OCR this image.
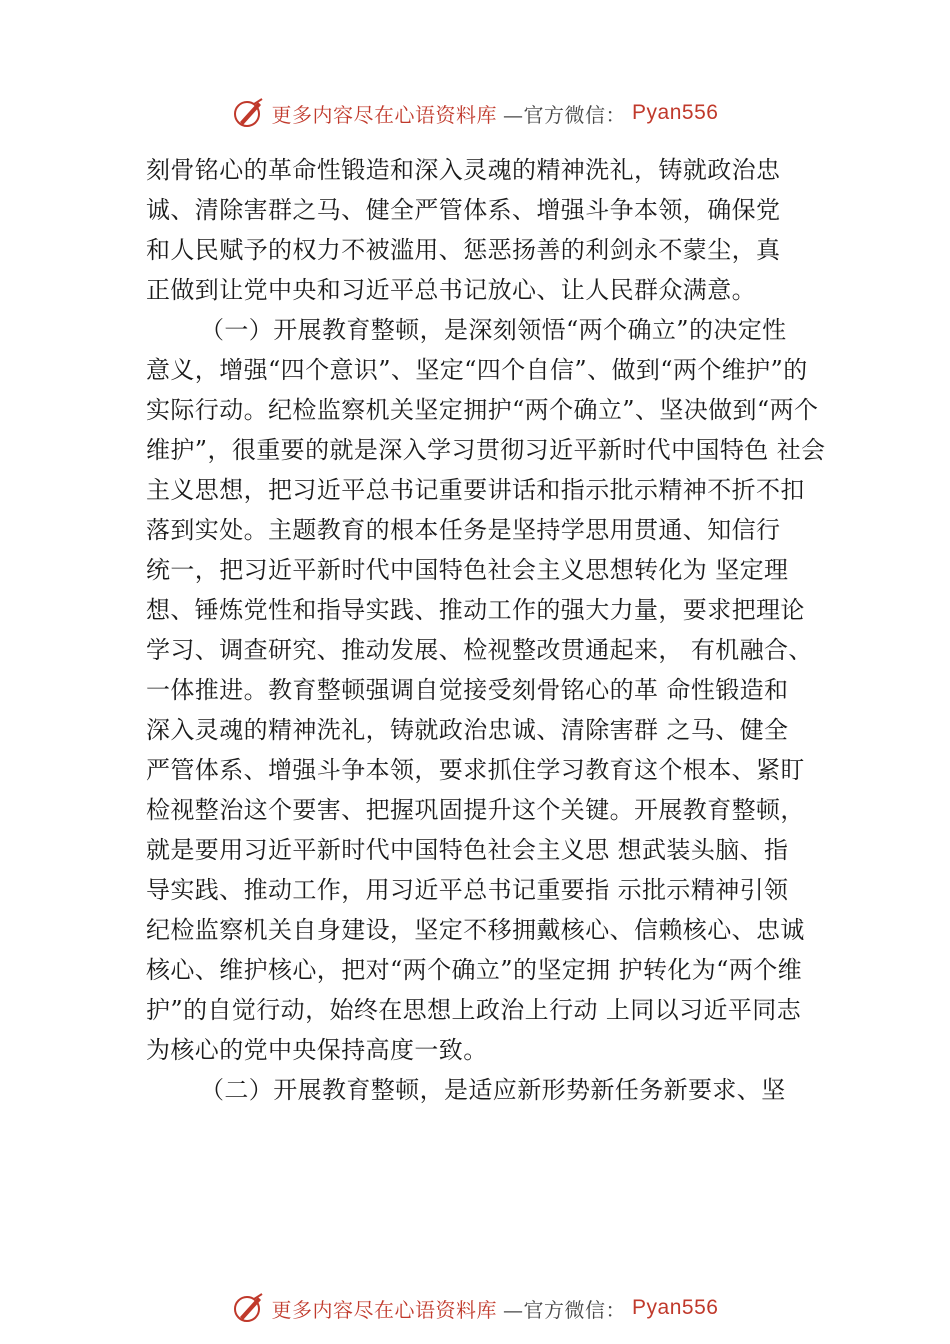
更多内容尽在心语资料库 —官方微信： Pyan556
刻骨铭心的革命性锻造和深入灵魂的精神洗礼，铸就政治忠
诚、清除害群之马、健全严管体系、增强斗争本领，确保党
和人民赋予的权力不被滥用、惩恶扬善的利剑永不蒙尘，真
正做到让党中央和习近平总书记放心、让人民群众满意。
（一）开展教育整顿，是深刻领悟“两个确立”的决定性
意义，增强“四个意识”、坚定“四个自信”、做到“两个维护”的
实际行动。纪检监察机关坚定拥护“两个确立”、坚决做到“两个
维护”，很重要的就是深入学习贯彻习近平新时代中国特色 社会
主义思想，把习近平总书记重要讲话和指示批示精神不折不扣
落到实处。主题教育的根本任务是坚持学思用贯通、知信行
统一，把习近平新时代中国特色社会主义思想转化为 坚定理
想、锤炼党性和指导实践、推动工作的强大力量，要求把理论
学习、调查研究、推动发展、检视整改贯通起来， 有机融合、
一体推进。教育整顿强调自觉接受刻骨铭心的革 命性锻造和
深入灵魂的精神洗礼，铸就政治忠诚、清除害群 之马、健全
严管体系、增强斗争本领，要求抓住学习教育这个根本、紧盯
检视整治这个要害、把握巩固提升这个关键。开展教育整顿，
就是要用习近平新时代中国特色社会主义思 想武装头脑、指
导实践、推动工作，用习近平总书记重要指 示批示精神引领
纪检监察机关自身建设，坚定不移拥戴核心、信赖核心、忠诚
核心、维护核心，把对“两个确立”的坚定拥 护转化为“两个维
护”的自觉行动，始终在思想上政治上行动 上同以习近平同志
为核心的党中央保持高度一致。
（二）开展教育整顿，是适应新形势新任务新要求、坚
更多内容尽在心语资料库 —官方微信： Pyan556
